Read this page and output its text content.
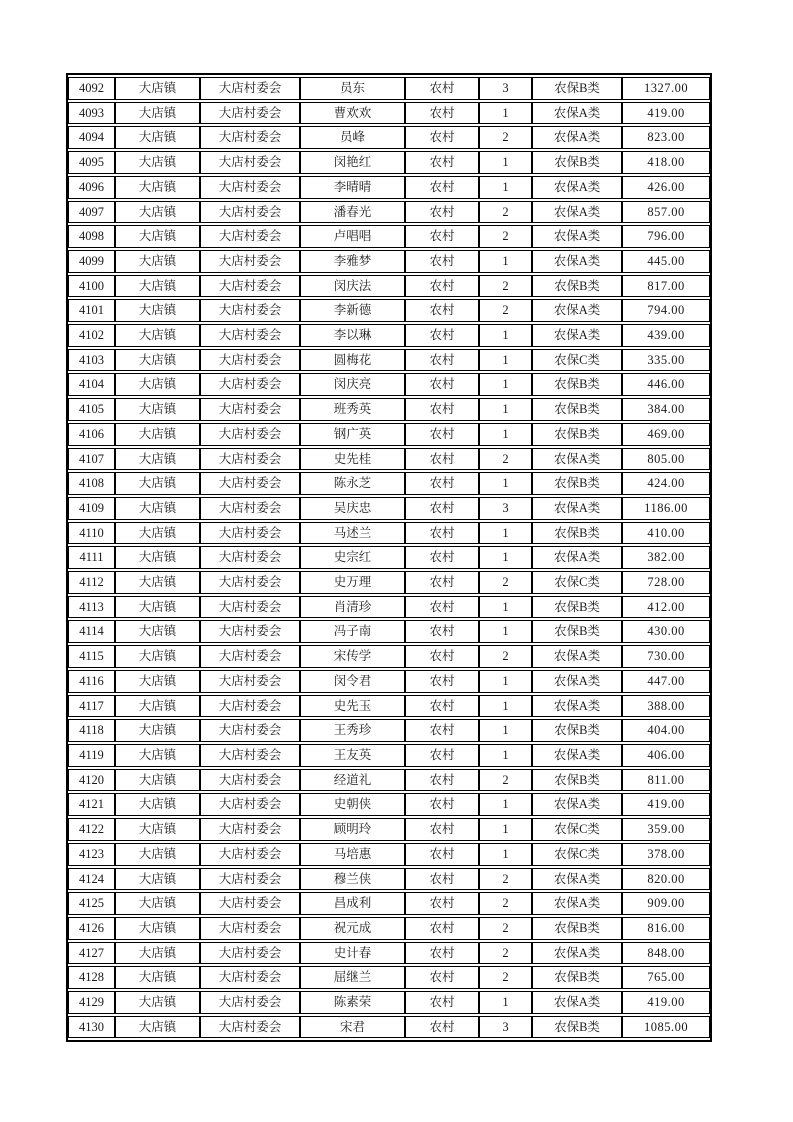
4092	大店镇	大店村委会	员东	农村	3	农保B类	1327.00
4093	大店镇	大店村委会	曹欢欢	农村	1	农保A类	419.00
4094	大店镇	大店村委会	员峰	农村	2	农保A类	823.00
4095	大店镇	大店村委会	闵艳红	农村	1	农保B类	418.00
4096	大店镇	大店村委会	李晴晴	农村	1	农保A类	426.00
4097	大店镇	大店村委会	潘春光	农村	2	农保A类	857.00
4098	大店镇	大店村委会	卢唱唱	农村	2	农保A类	796.00
4099	大店镇	大店村委会	李雅梦	农村	1	农保A类	445.00
4100	大店镇	大店村委会	闵庆法	农村	2	农保B类	817.00
4101	大店镇	大店村委会	李新德	农村	2	农保A类	794.00
4102	大店镇	大店村委会	李以琳	农村	1	农保A类	439.00
4103	大店镇	大店村委会	圆梅花	农村	1	农保C类	335.00
4104	大店镇	大店村委会	闵庆亮	农村	1	农保B类	446.00
4105	大店镇	大店村委会	班秀英	农村	1	农保B类	384.00
4106	大店镇	大店村委会	钢广英	农村	1	农保B类	469.00
4107	大店镇	大店村委会	史先桂	农村	2	农保A类	805.00
4108	大店镇	大店村委会	陈永芝	农村	1	农保B类	424.00
4109	大店镇	大店村委会	吴庆忠	农村	3	农保A类	1186.00
4110	大店镇	大店村委会	马述兰	农村	1	农保B类	410.00
4111	大店镇	大店村委会	史宗红	农村	1	农保A类	382.00
4112	大店镇	大店村委会	史万理	农村	2	农保C类	728.00
4113	大店镇	大店村委会	肖清珍	农村	1	农保B类	412.00
4114	大店镇	大店村委会	冯子南	农村	1	农保B类	430.00
4115	大店镇	大店村委会	宋传学	农村	2	农保A类	730.00
4116	大店镇	大店村委会	闵令君	农村	1	农保A类	447.00
4117	大店镇	大店村委会	史先玉	农村	1	农保A类	388.00
4118	大店镇	大店村委会	王秀珍	农村	1	农保B类	404.00
4119	大店镇	大店村委会	王友英	农村	1	农保A类	406.00
4120	大店镇	大店村委会	经道礼	农村	2	农保B类	811.00
4121	大店镇	大店村委会	史朝侠	农村	1	农保A类	419.00
4122	大店镇	大店村委会	顾明玲	农村	1	农保C类	359.00
4123	大店镇	大店村委会	马培惠	农村	1	农保C类	378.00
4124	大店镇	大店村委会	穆兰侠	农村	2	农保A类	820.00
4125	大店镇	大店村委会	昌成利	农村	2	农保A类	909.00
4126	大店镇	大店村委会	祝元成	农村	2	农保B类	816.00
4127	大店镇	大店村委会	史计春	农村	2	农保A类	848.00
4128	大店镇	大店村委会	屈继兰	农村	2	农保B类	765.00
4129	大店镇	大店村委会	陈素荣	农村	1	农保A类	419.00
4130	大店镇	大店村委会	宋君	农村	3	农保B类	1085.00
